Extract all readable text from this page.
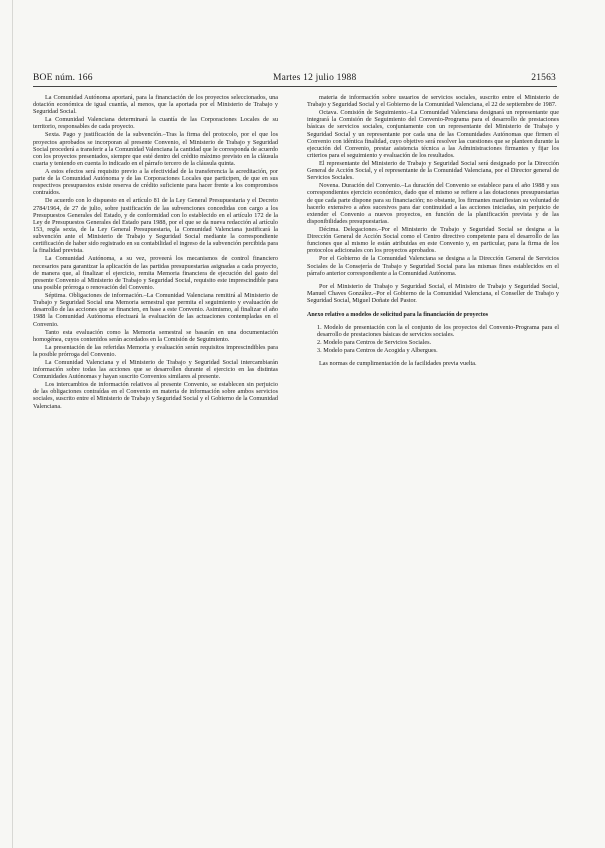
BOE núm. 166	Martes 12 julio 1988	21563

La Comunidad Autónoma aportará, para la financiación de los proyectos seleccionados, una dotación económica de igual cuantía, al menos, que la aportada por el Ministerio de Trabajo y Seguridad Social.

La Comunidad Valenciana determinará la cuantía de las Corporaciones Locales de su territorio, responsables de cada proyecto.

Sexta. Pago y justificación de la subvención.–Tras la firma del protocolo, por el que los proyectos aprobados se incorporan al presente Convenio, el Ministerio de Trabajo y Seguridad Social procederá a transferir a la Comunidad Valenciana la cantidad que le corresponda de acuerdo con los proyectos presentados, siempre que esté dentro del crédito máximo previsto en la cláusula cuarta y teniendo en cuenta lo indicado en el párrafo tercero de la cláusula quinta.

A estos efectos será requisito previo a la efectividad de la transferencia la acreditación, por parte de la Comunidad Autónoma y de las Corporaciones Locales que participen, de que en sus respectivos presupuestos existe reserva de crédito suficiente para hacer frente a los compromisos contraídos.

De acuerdo con lo dispuesto en el artículo 81 de la Ley General Presupuestaria y el Decreto 2784/1964, de 27 de julio, sobre justificación de las subvenciones concedidas con cargo a los Presupuestos Generales del Estado, y de conformidad con lo establecido en el artículo 172 de la Ley de Presupuestos Generales del Estado para 1988, por el que se da nueva redacción al artículo 153, regla sexta, de la Ley General Presupuestaria, la Comunidad Valenciana justificará la subvención ante el Ministerio de Trabajo y Seguridad Social mediante la correspondiente certificación de haber sido registrado en su contabilidad el ingreso de la subvención percibida para la finalidad prevista.

La Comunidad Autónoma, a su vez, proveerá los mecanismos de control financiero necesarios para garantizar la aplicación de las partidas presupuestarias asignadas a cada proyecto, de manera que, al finalizar el ejercicio, remita Memoria financiera de ejecución del gasto del presente Convenio al Ministerio de Trabajo y Seguridad Social, requisito este imprescindible para una posible prórroga o renovación del Convenio.

Séptima. Obligaciones de información.–La Comunidad Valenciana remitirá al Ministerio de Trabajo y Seguridad Social una Memoria semestral que permita el seguimiento y evaluación de desarrollo de las acciones que se financien, en base a este Convenio. Asimismo, al finalizar el año 1988 la Comunidad Autónoma efectuará la evaluación de las actuaciones contempladas en el Convenio.

Tanto esta evaluación como la Memoria semestral se basarán en una documentación homogénea, cuyos contenidos serán acordados en la Comisión de Seguimiento.

La presentación de las referidas Memoria y evaluación serán requisitos imprescindibles para la posible prórroga del Convenio.

La Comunidad Valenciana y el Ministerio de Trabajo y Seguridad Social intercambiarán información sobre todas las acciones que se desarrollen durante el ejercicio en las distintas Comunidades Autónomas y hayan suscrito Convenios similares al presente.

Los intercambios de información relativos al presente Convenio, se establecen sin perjuicio de las obligaciones contraídas en el Convenio en materia de información sobre ambos servicios sociales, suscrito entre el Ministerio de Trabajo y Seguridad Social y el Gobierno de la Comunidad Valenciana.

materia de información sobre usuarios de servicios sociales, suscrito entre el Ministerio de Trabajo y Seguridad Social y el Gobierno de la Comunidad Valenciana, el 22 de septiembre de 1987.

Octava. Comisión de Seguimiento.–La Comunidad Valenciana designará un representante que integrará la Comisión de Seguimiento del Convenio-Programa para el desarrollo de prestaciones básicas de servicios sociales, conjuntamente con un representante del Ministerio de Trabajo y Seguridad Social y un representante por cada una de las Comunidades Autónomas que firmen el Convenio con idéntica finalidad, cuyo objetivo será resolver las cuestiones que se planteen durante la ejecución del Convenio, prestar asistencia técnica a las Administraciones firmantes y fijar los criterios para el seguimiento y evaluación de los resultados.

El representante del Ministerio de Trabajo y Seguridad Social será designado por la Dirección General de Acción Social, y el representante de la Comunidad Valenciana, por el Director general de Servicios Sociales.

Novena. Duración del Convenio.–La duración del Convenio se establece para el año 1988 y sus correspondientes ejercicio económico, dado que el mismo se refiere a las dotaciones presupuestarias de que cada parte dispone para su financiación; no obstante, los firmantes manifiestan su voluntad de hacerlo extensivo a años sucesivos para dar continuidad a las acciones iniciadas, sin perjuicio de extender el Convenio a nuevos proyectos, en función de la planificación prevista y de las disponibilidades presupuestarias.

Décima. Delegaciones.–Por el Ministerio de Trabajo y Seguridad Social se designa a la Dirección General de Acción Social como el Centro directivo competente para el desarrollo de las funciones que al mismo le están atribuidas en este Convenio y, en particular, para la firma de los protocolos adicionales con los proyectos aprobados.

Por el Gobierno de la Comunidad Valenciana se designa a la Dirección General de Servicios Sociales de la Consejería de Trabajo y Seguridad Social para las mismas fines establecidos en el párrafo anterior correspondiente a la Comunidad Autónoma.

Por el Ministerio de Trabajo y Seguridad Social, el Ministro de Trabajo y Seguridad Social, Manuel Chaves González.–Por el Gobierno de la Comunidad Valenciana, el Conseller de Trabajo y Seguridad Social, Miguel Doñate del Pastor.

Anexo relativo a modelos de solicitud para la financiación de proyectos

1. Modelo de presentación con la el conjunto de los proyectos del Convenio-Programa para el desarrollo de prestaciones básicas de servicios sociales.

2. Modelo para Centros de Servicios Sociales.

3. Modelo para Centros de Acogida y Albergues.

Las normas de cumplimentación de la facilidades previa vuelta.
